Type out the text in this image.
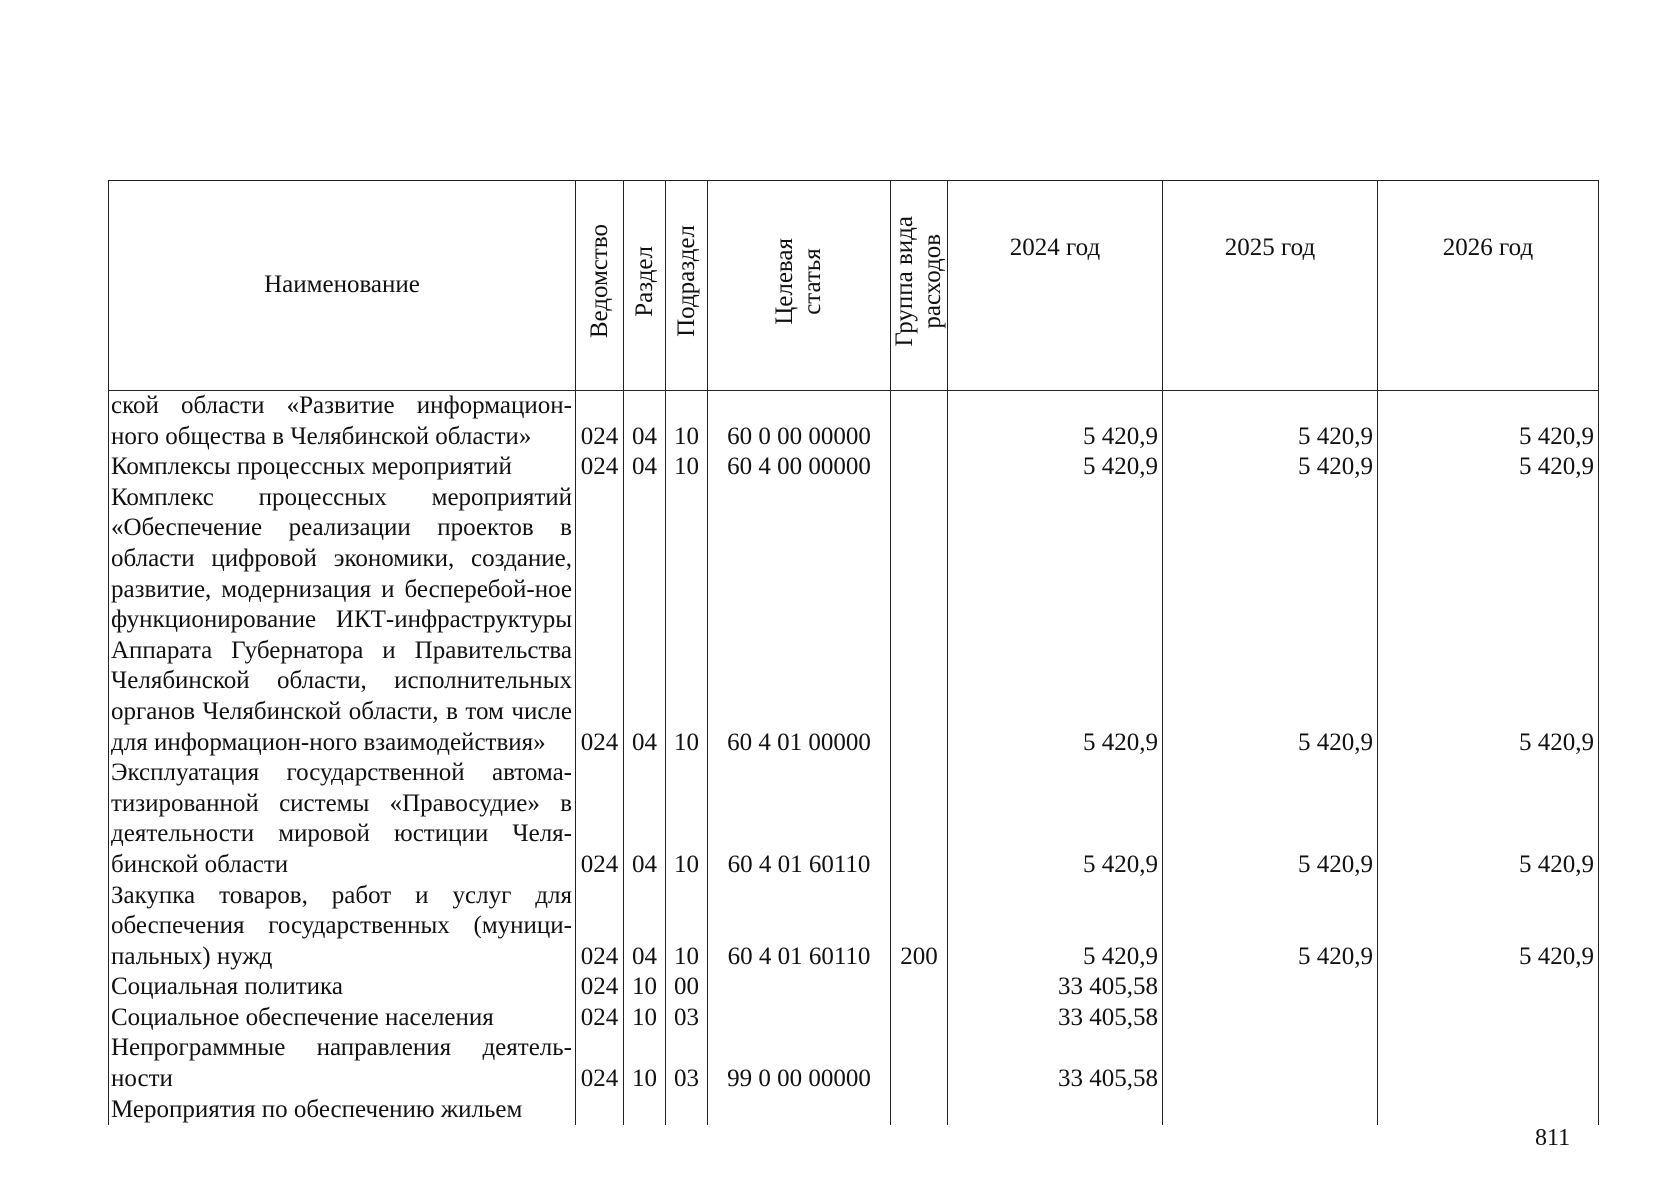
Наименование	Ведомство	Раздел	Подраздел	Целевая статья	Группа вида расходов	2024 год	2025 год	2026 год
ской области «Развитие информацион-ного общества в Челябинской области»	024	04	10	60 0 00 00000		5 420,9	5 420,9	5 420,9
Комплексы процессных мероприятий	024	04	10	60 4 00 00000		5 420,9	5 420,9	5 420,9
Комплекс процессных мероприятий «Обеспечение реализации проектов в области цифровой экономики, создание, развитие, модернизация и бесперебой-ное функционирование ИКТ-инфраструктуры Аппарата Губернатора и Правительства Челябинской области, исполнительных органов Челябинской области, в том числе для информацион-ного взаимодействия»	024	04	10	60 4 01 00000		5 420,9	5 420,9	5 420,9
Эксплуатация государственной автома-тизированной системы «Правосудие» в деятельности мировой юстиции Челя-бинской области	024	04	10	60 4 01 60110		5 420,9	5 420,9	5 420,9
Закупка товаров, работ и услуг для обеспечения государственных (муници-пальных) нужд	024	04	10	60 4 01 60110	200	5 420,9	5 420,9	5 420,9
Социальная политика	024	10	00			33 405,58		
Социальное обеспечение населения	024	10	03			33 405,58		
Непрограммные направления деятель-ности	024	10	03	99 0 00 00000		33 405,58		
Мероприятия по обеспечению жильем								

811
